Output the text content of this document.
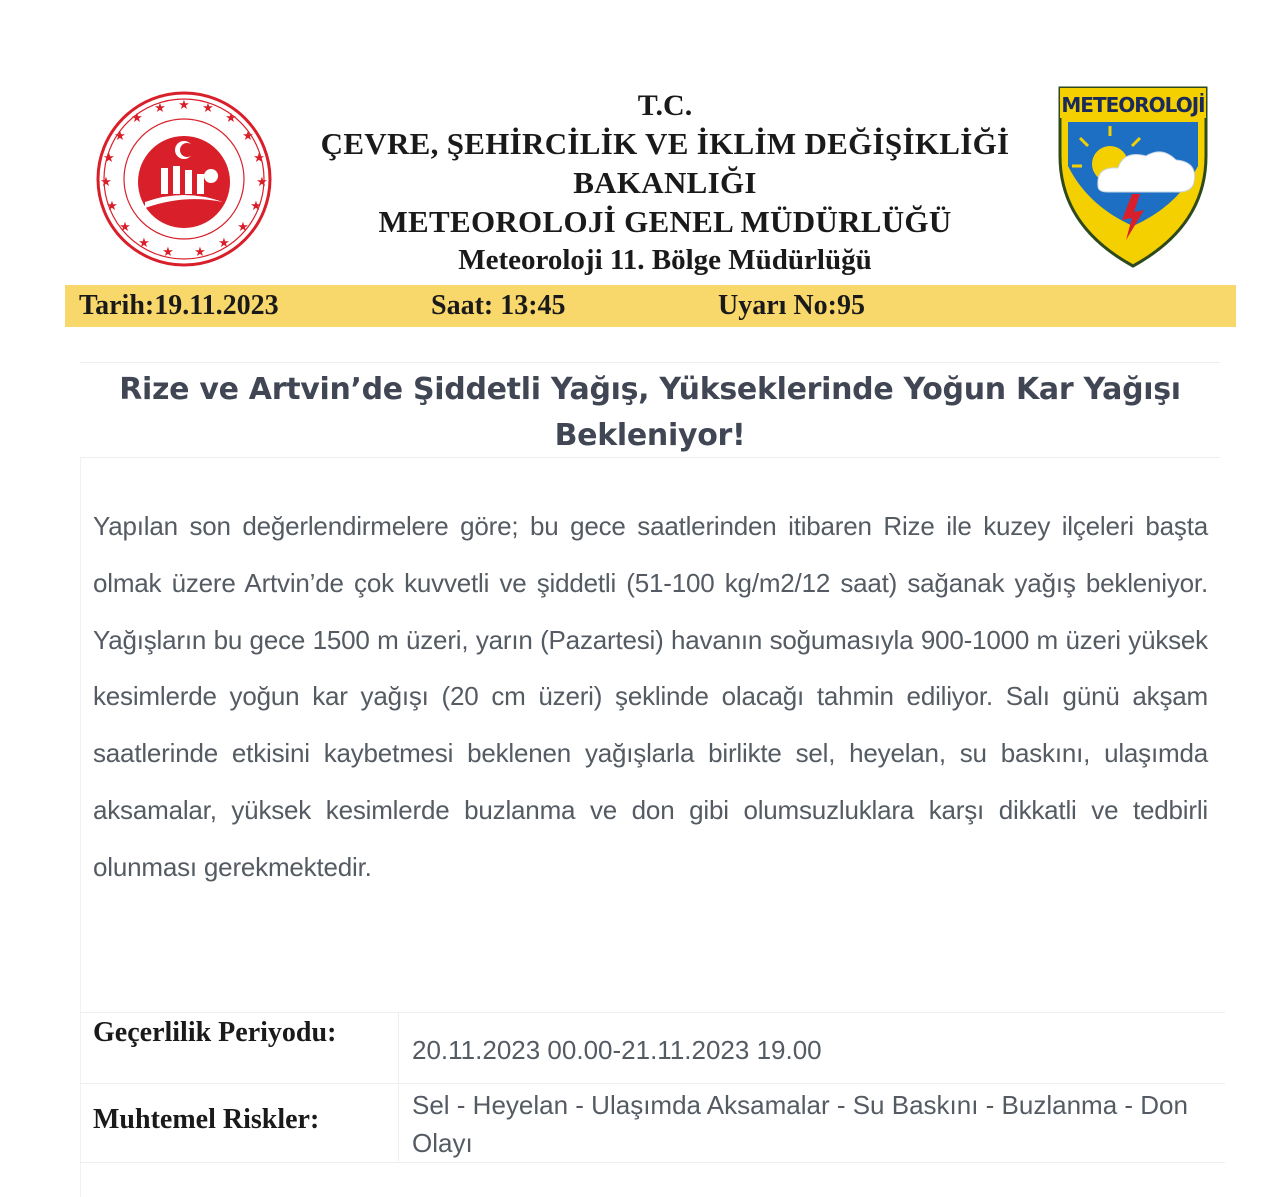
★ ★
★
★
★
★
★
★
★
★
★
★
★
★
★
★
★
★
★	T.C.
ÇEVRE, ŞEHİRCİLİK VE İKLİM DEĞİŞİKLİĞİ
BAKANLIĞI
METEOROLOJİ GENEL MÜDÜRLÜĞÜ
Meteoroloji 11. Bölge Müdürlüğü
METEOROLOJİ
Tarih:19.11.2023	Saat: 13:45	Uyarı No:95
Rize ve Artvin’de Şiddetli Yağış, Yükseklerinde Yoğun Kar Yağışı
Bekleniyor!
Yapılan son değerlendirmelere göre; bu gece saatlerinden itibaren Rize ile kuzey ilçeleri başta olmak üzere Artvin’de çok kuvvetli ve şiddetli (51-100 kg/m2/12 saat) sağanak yağış bekleniyor. Yağışların bu gece 1500 m üzeri, yarın (Pazartesi) havanın soğumasıyla 900-1000 m üzeri yüksek kesimlerde yoğun kar yağışı (20 cm üzeri) şeklinde olacağı tahmin ediliyor. Salı günü akşam saatlerinde etkisini kaybetmesi beklenen yağışlarla birlikte sel, heyelan, su baskını, ulaşımda aksamalar, yüksek kesimlerde buzlanma ve don gibi olumsuzluklara karşı dikkatli ve tedbirli olunması gerekmektedir.
Geçerlilik Periyodu:
20.11.2023 00.00-21.11.2023 19.00
Muhtemel Riskler:	Sel - Heyelan - Ulaşımda Aksamalar - Su Baskını - Buzlanma - Don Olayı
